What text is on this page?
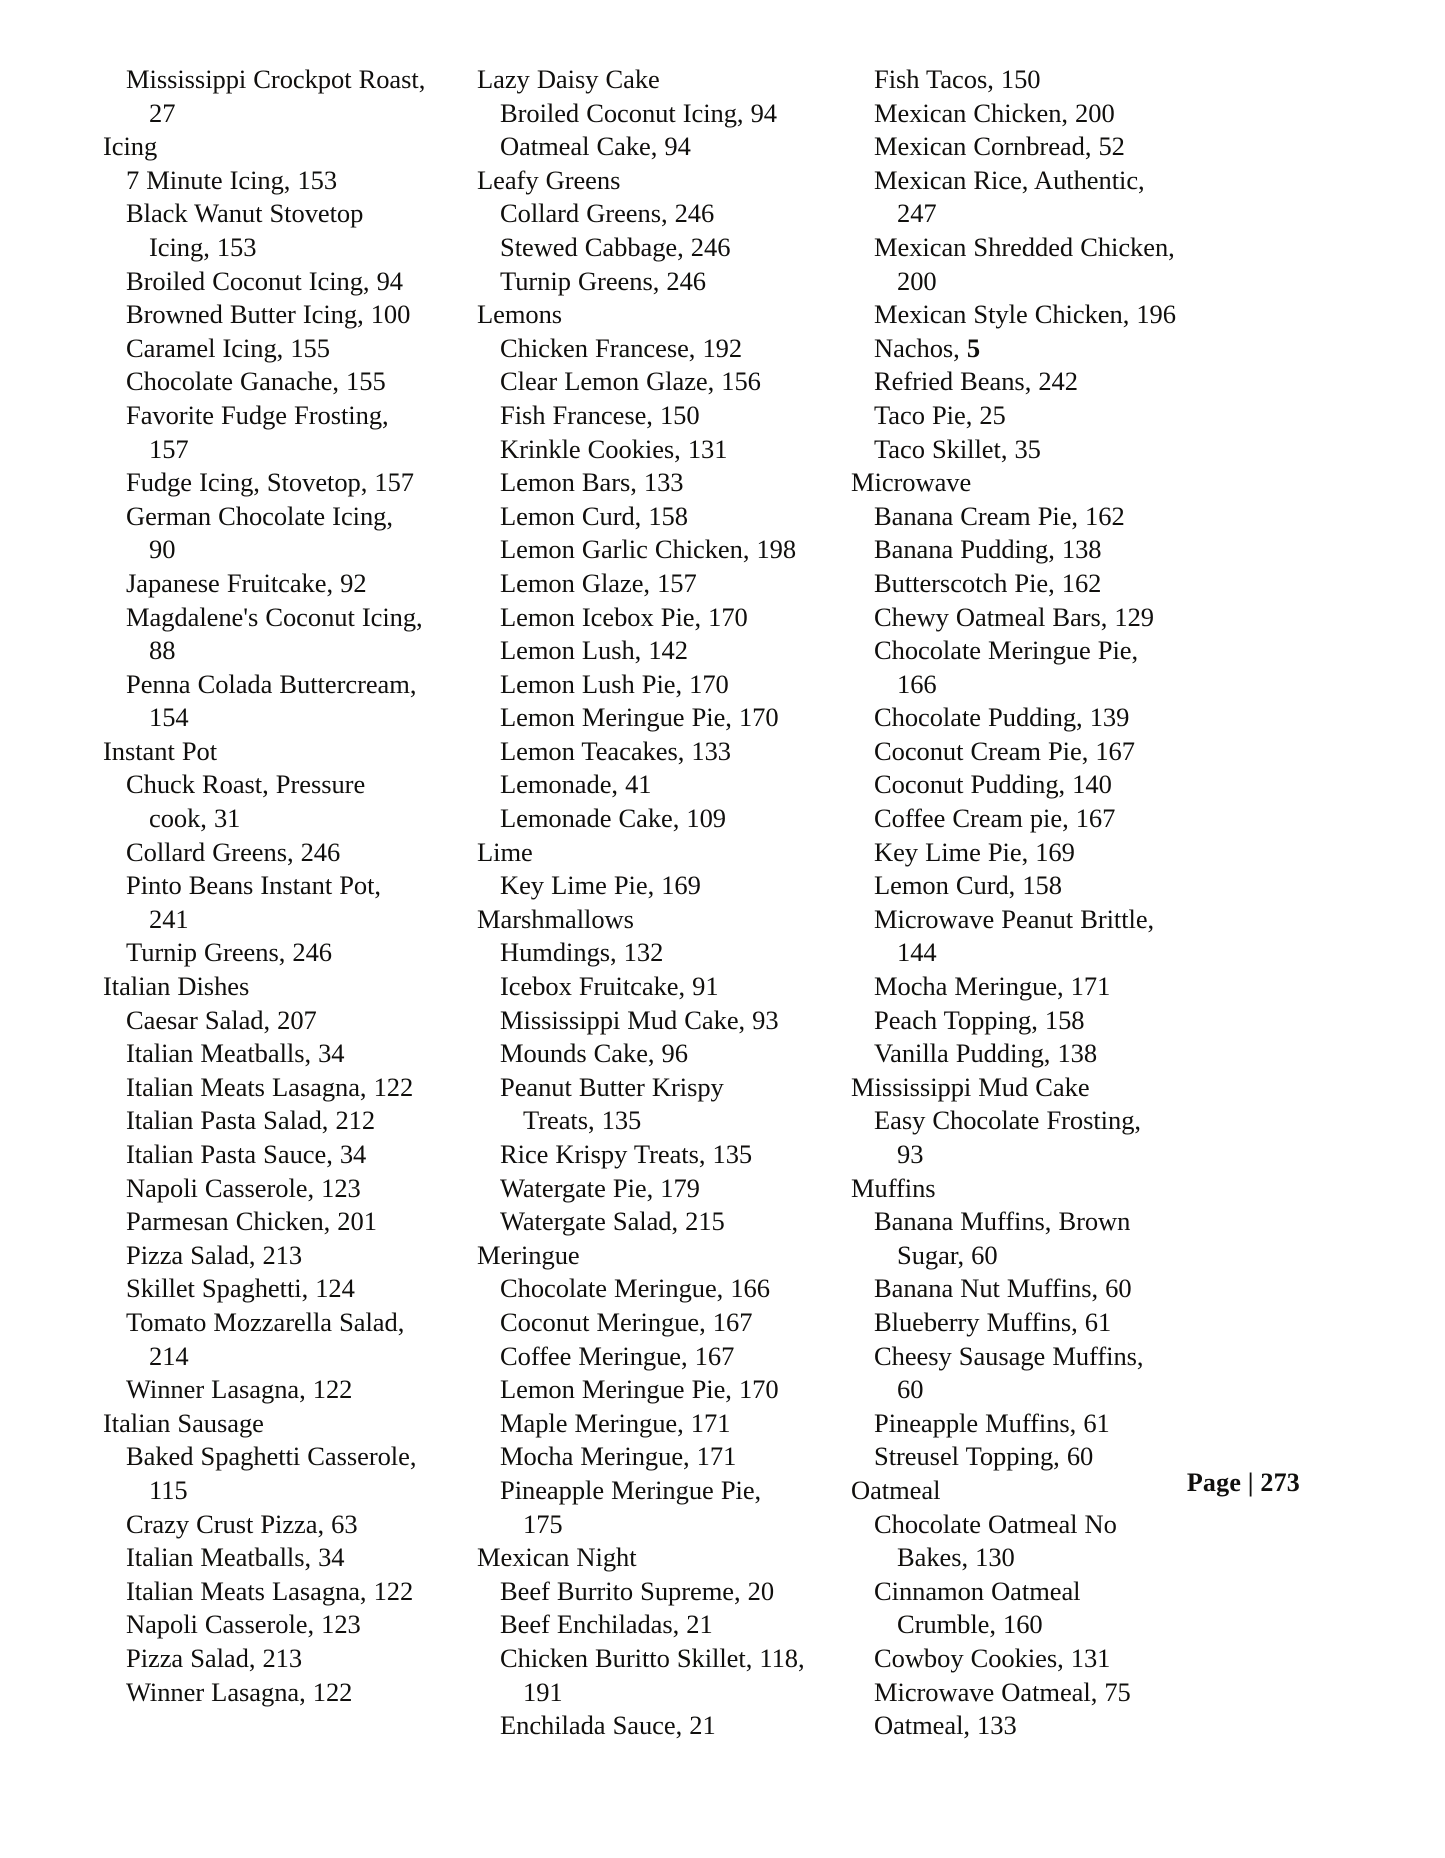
Mississippi Crockpot Roast,
27
Icing
7 Minute Icing, 153
Black Wanut Stovetop
Icing, 153
Broiled Coconut Icing, 94
Browned Butter Icing, 100
Caramel Icing, 155
Chocolate Ganache, 155
Favorite Fudge Frosting,
157
Fudge Icing, Stovetop, 157
German Chocolate Icing,
90
Japanese Fruitcake, 92
Magdalene's Coconut Icing,
88
Penna Colada Buttercream,
154
Instant Pot
Chuck Roast, Pressure
cook, 31
Collard Greens, 246
Pinto Beans Instant Pot,
241
Turnip Greens, 246
Italian Dishes
Caesar Salad, 207
Italian Meatballs, 34
Italian Meats Lasagna, 122
Italian Pasta Salad, 212
Italian Pasta Sauce, 34
Napoli Casserole, 123
Parmesan Chicken, 201
Pizza Salad, 213
Skillet Spaghetti, 124
Tomato Mozzarella Salad,
214
Winner Lasagna, 122
Italian Sausage
Baked Spaghetti Casserole,
115
Crazy Crust Pizza, 63
Italian Meatballs, 34
Italian Meats Lasagna, 122
Napoli Casserole, 123
Pizza Salad, 213
Winner Lasagna, 122
Lazy Daisy Cake
Broiled Coconut Icing, 94
Oatmeal Cake, 94
Leafy Greens
Collard Greens, 246
Stewed Cabbage, 246
Turnip Greens, 246
Lemons
Chicken Francese, 192
Clear Lemon Glaze, 156
Fish Francese, 150
Krinkle Cookies, 131
Lemon Bars, 133
Lemon Curd, 158
Lemon Garlic Chicken, 198
Lemon Glaze, 157
Lemon Icebox Pie, 170
Lemon Lush, 142
Lemon Lush Pie, 170
Lemon Meringue Pie, 170
Lemon Teacakes, 133
Lemonade, 41
Lemonade Cake, 109
Lime
Key Lime Pie, 169
Marshmallows
Humdings, 132
Icebox Fruitcake, 91
Mississippi Mud Cake, 93
Mounds Cake, 96
Peanut Butter Krispy
Treats, 135
Rice Krispy Treats, 135
Watergate Pie, 179
Watergate Salad, 215
Meringue
Chocolate Meringue, 166
Coconut Meringue, 167
Coffee Meringue, 167
Lemon Meringue Pie, 170
Maple Meringue, 171
Mocha Meringue, 171
Pineapple Meringue Pie,
175
Mexican Night
Beef Burrito Supreme, 20
Beef Enchiladas, 21
Chicken Buritto Skillet, 118,
191
Enchilada Sauce, 21
Fish Tacos, 150
Mexican Chicken, 200
Mexican Cornbread, 52
Mexican Rice, Authentic,
247
Mexican Shredded Chicken,
200
Mexican Style Chicken, 196
Nachos, 5
Refried Beans, 242
Taco Pie, 25
Taco Skillet, 35
Microwave
Banana Cream Pie, 162
Banana Pudding, 138
Butterscotch Pie, 162
Chewy Oatmeal Bars, 129
Chocolate Meringue Pie,
166
Chocolate Pudding, 139
Coconut Cream Pie, 167
Coconut Pudding, 140
Coffee Cream pie, 167
Key Lime Pie, 169
Lemon Curd, 158
Microwave Peanut Brittle,
144
Mocha Meringue, 171
Peach Topping, 158
Vanilla Pudding, 138
Mississippi Mud Cake
Easy Chocolate Frosting,
93
Muffins
Banana Muffins, Brown
Sugar, 60
Banana Nut Muffins, 60
Blueberry Muffins, 61
Cheesy Sausage Muffins,
60
Pineapple Muffins, 61
Streusel Topping, 60
Oatmeal
Chocolate Oatmeal No
Bakes, 130
Cinnamon Oatmeal
Crumble, 160
Cowboy Cookies, 131
Microwave Oatmeal, 75
Oatmeal, 133
Page | 273
